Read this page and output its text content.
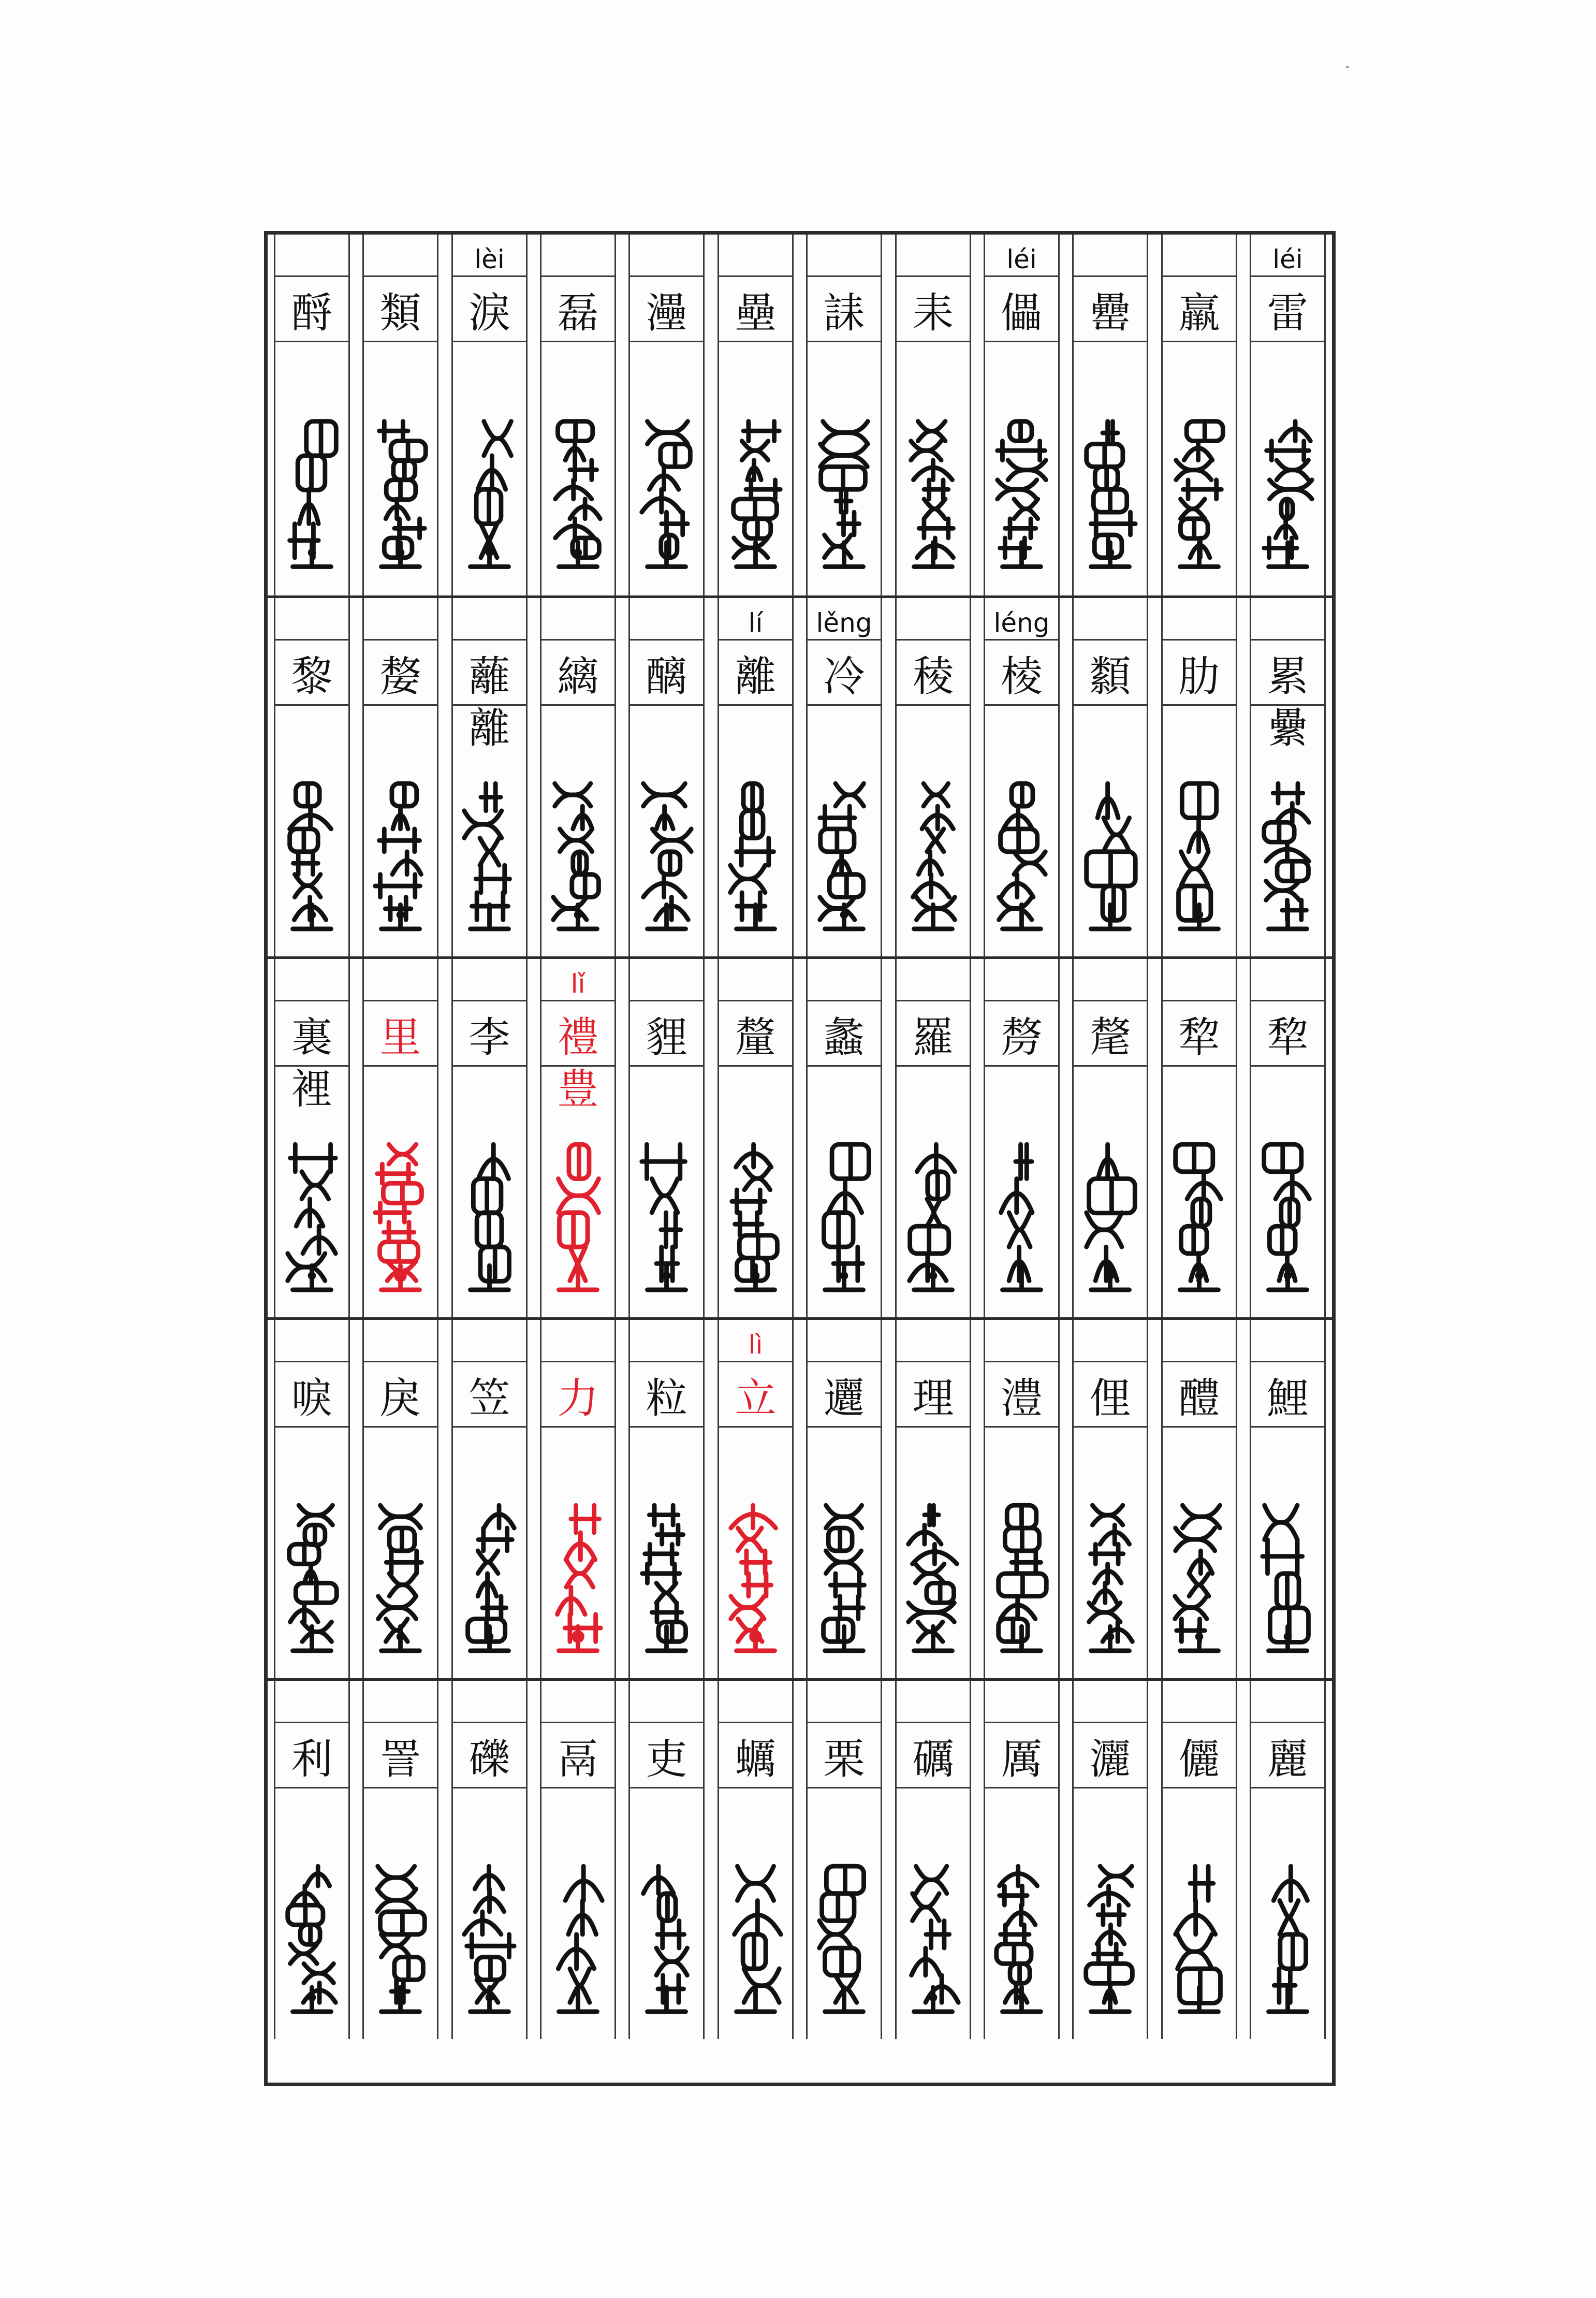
léi
雷
羸
罍
léi
儡
耒
誄
壘
灅
磊
lèi
淚
類
酹
累
纍
肋
纇
léng
棱
稜
lěng
冷
lí
離
醨
縭
蘺
離
嫠
黎
犂
犂
氂
剺
羅
蠡
釐
貍
lǐ
禮
豊
李
里
裏
裡
鯉
醴
俚
澧
理
邐
lì
立
粒
力
笠
戾
唳
麗
儷
灑
厲
礪
栗
蠣
吏
鬲
礫
詈
利
